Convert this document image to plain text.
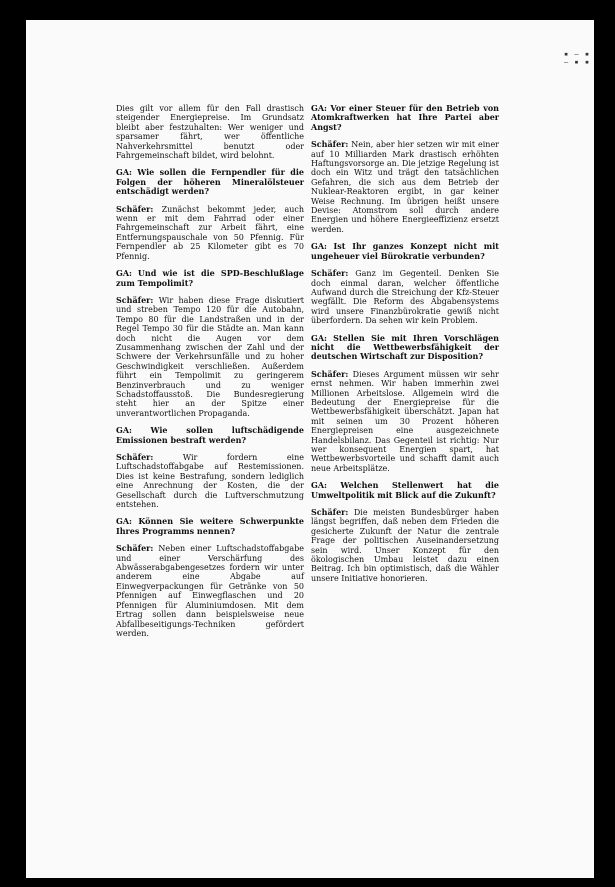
▪ – ▪ – ▪ ▪

Dies gilt vor allem für den Fall drastisch steigender Energiepreise. Im Grundsatz bleibt aber festzuhalten: Wer weniger und sparsamer fährt, wer öffentliche Nahverkehrsmittel benutzt oder Fahrgemeinschaft bildet, wird belohnt.

GA: Wie sollen die Fernpendler für die Folgen der höheren Mineralölsteuer entschädigt werden?

Schäfer: Zunächst bekommt jeder, auch wenn er mit dem Fahrrad oder einer Fahrgemeinschaft zur Arbeit fährt, eine Entfernungspauschale von 50 Pfennig. Für Fernpendler ab 25 Kilometer gibt es 70 Pfennig.

GA: Und wie ist die SPD-Beschlußlage zum Tempolimit?

Schäfer: Wir haben diese Frage diskutiert und streben Tempo 120 für die Autobahn, Tempo 80 für die Landstraßen und in der Regel Tempo 30 für die Städte an. Man kann doch nicht die Augen vor dem Zusammenhang zwischen der Zahl und der Schwere der Verkehrsunfälle und zu hoher Geschwindigkeit verschließen. Außerdem führt ein Tempolimit zu geringerem Benzinverbrauch und zu weniger Schadstoffausstoß. Die Bundesregierung steht hier an der Spitze einer unverantwortlichen Propaganda.

GA: Wie sollen luftschädigende Emissionen bestraft werden?

Schäfer:	Wir fordern eine Luftschadstoffabgabe auf Restemissionen. Dies ist keine Bestrafung, sondern lediglich eine Anrechnung der Kosten, die der Gesellschaft durch die Luftverschmutzung entstehen.

GA: Können Sie weitere Schwerpunkte Ihres Programms nennen?

Schäfer: Neben einer Luftschadstoffabgabe und einer Verschärfung des Abwässerabgabengesetzes fordern wir unter anderem eine Abgabe auf Einwegverpackungen für Getränke von 50 Pfennigen auf Einwegflaschen und 20 Pfennigen für Aluminiumdosen. Mit dem Ertrag sollen dann beispielsweise neue Abfallbeseitigungs-Techniken gefördert werden.

GA: Vor einer Steuer für den Betrieb von Atomkraftwerken hat Ihre Partei aber Angst?

Schäfer: Nein, aber hier setzen wir mit einer auf 10 Milliarden Mark drastisch erhöhten Haftungsvorsorge an. Die jetzige Regelung ist doch ein Witz und trägt den tatsächlichen Gefahren, die sich aus dem Betrieb der Nuklear-Reaktoren ergibt, in gar keiner Weise Rechnung. Im übrigen heißt unsere Devise: Atomstrom soll durch andere Energien und höhere Energieeffizienz ersetzt werden.

GA: Ist Ihr ganzes Konzept nicht mit ungeheuer viel Bürokratie verbunden?

Schäfer: Ganz im Gegenteil. Denken Sie doch einmal daran, welcher öffentliche Aufwand durch die Streichung der Kfz-Steuer wegfällt. Die Reform des Abgabensystems wird unsere Finanzbürokratie gewiß nicht überfordern. Da sehen wir kein Problem.

GA: Stellen Sie mit Ihren Vorschlägen nicht die Wettbewerbsfähigkeit der deutschen Wirtschaft zur Disposition?

Schäfer: Dieses Argument müssen wir sehr ernst nehmen. Wir haben immerhin zwei Millionen Arbeitslose. Allgemein wird die Bedeutung der Energiepreise für die Wettbewerbsfähigkeit überschätzt. Japan hat mit seinen um 30 Prozent höheren Energiepreisen eine ausgezeichnete Handelsbilanz. Das Gegenteil ist richtig: Nur wer konsequent Energien spart, hat Wettbewerbsvorteile und schafft damit auch neue Arbeitsplätze.

GA: Welchen Stellenwert hat die Umweltpolitik mit Blick auf die Zukunft?

Schäfer: Die meisten Bundesbürger haben längst begriffen, daß neben dem Frieden die gesicherte Zukunft der Natur die zentrale Frage der politischen Auseinandersetzung sein wird. Unser Konzept für den ökologischen Umbau leistet dazu einen Beitrag. Ich bin optimistisch, daß die Wähler unsere Initiative honorieren.
